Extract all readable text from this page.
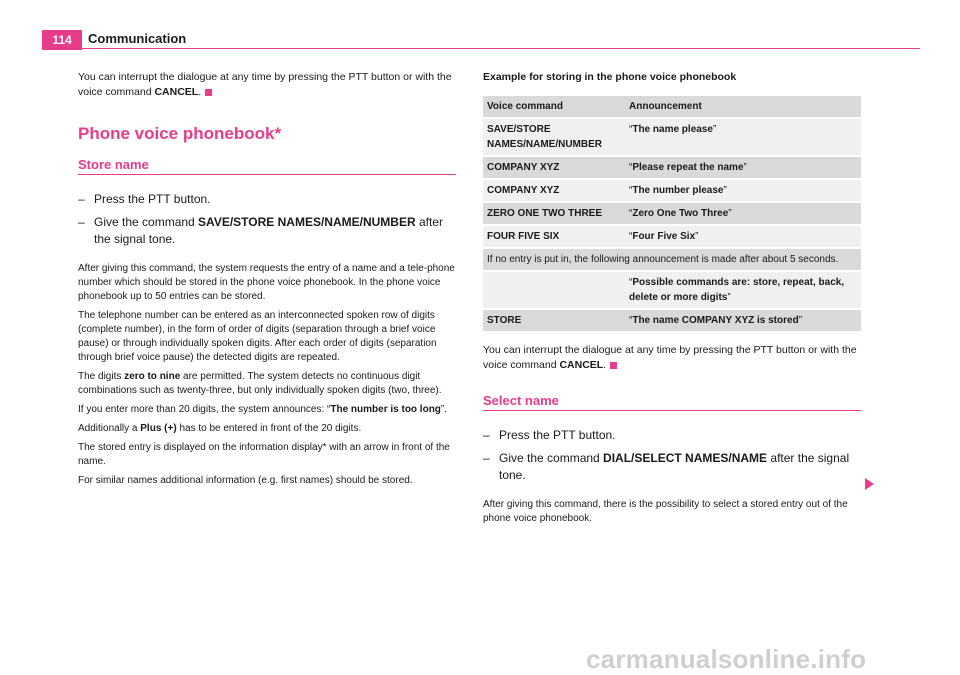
114	Communication

You can interrupt the dialogue at any time by pressing the PTT button or with the voice command CANCEL.

Phone voice phonebook*
Store name
– Press the PTT button.
– Give the command SAVE/STORE NAMES/NAME/NUMBER after the signal tone.

After giving this command, the system requests the entry of a name and a tele-phone number which should be stored in the phone voice phonebook. In the phone voice phonebook up to 50 entries can be stored.

The telephone number can be entered as an interconnected spoken row of digits (complete number), in the form of order of digits (separation through a brief voice pause) or through individually spoken digits. After each order of digits (separation through brief voice pause) the detected digits are repeated.

The digits zero to nine are permitted. The system detects no continuous digit combinations such as twenty-three, but only individually spoken digits (two, three).

If you enter more than 20 digits, the system announces: “The number is too long”.

Additionally a Plus (+) has to be entered in front of the 20 digits.

The stored entry is displayed on the information display* with an arrow in front of the name.

For similar names additional information (e.g. first names) should be stored.

Example for storing in the phone voice phonebook
Voice command	Announcement
SAVE/STORE NAMES/NAME/NUMBER	“The name please”
COMPANY XYZ	“Please repeat the name”
COMPANY XYZ	“The number please”
ZERO ONE TWO THREE	“Zero One Two Three”
FOUR FIVE SIX	“Four Five Six”
If no entry is put in, the following announcement is made after about 5 seconds.	
	“Possible commands are: store, repeat, back, delete or more digits”
STORE	“The name COMPANY XYZ is stored”

You can interrupt the dialogue at any time by pressing the PTT button or with the voice command CANCEL.

Select name
– Press the PTT button.
– Give the command DIAL/SELECT NAMES/NAME after the signal tone.

After giving this command, there is the possibility to select a stored entry out of the phone voice phonebook.

carmanualsonline.info
